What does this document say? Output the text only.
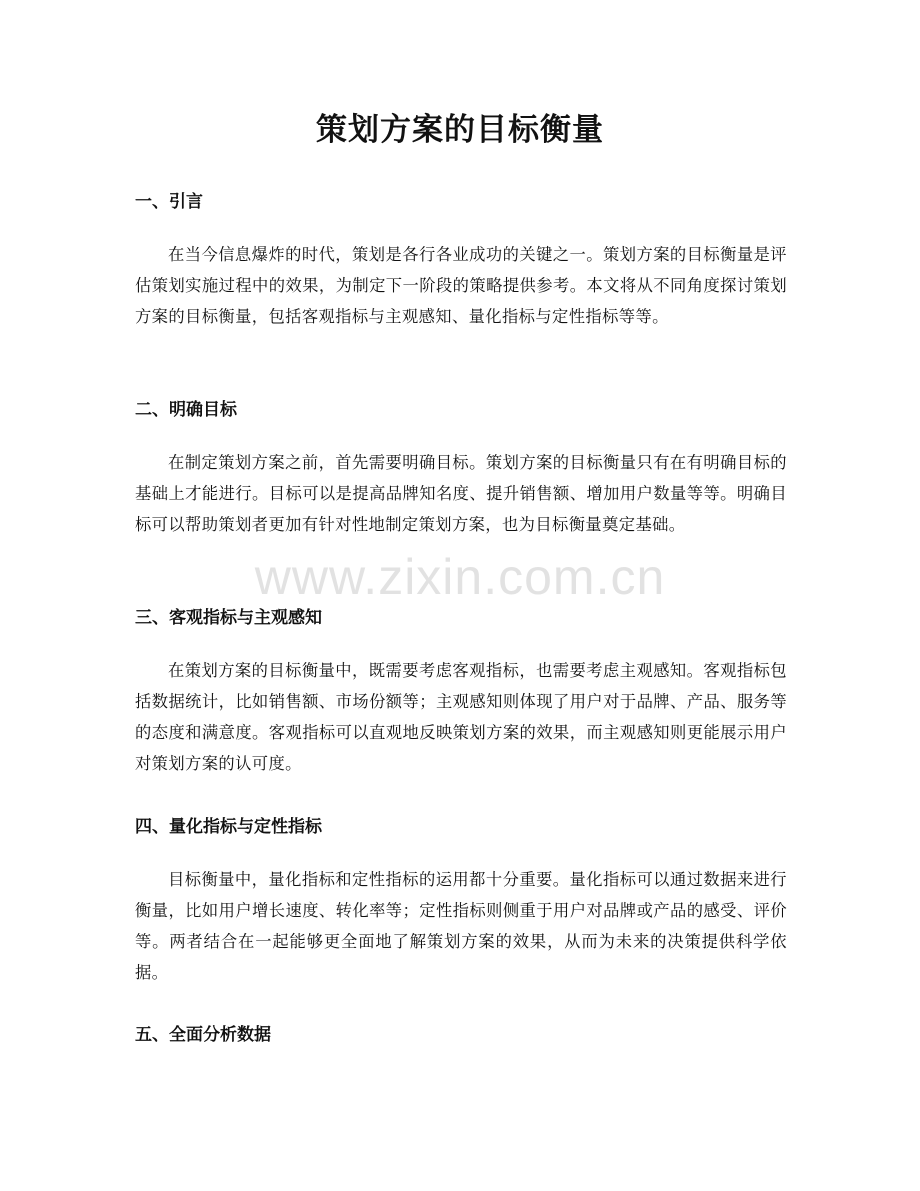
策划方案的目标衡量
一、引言

在当今信息爆炸的时代，策划是各行各业成功的关键之一。策划方案的目标衡量是评估策划实施过程中的效果，为制定下一阶段的策略提供参考。本文将从不同角度探讨策划方案的目标衡量，包括客观指标与主观感知、量化指标与定性指标等等。

二、明确目标

在制定策划方案之前，首先需要明确目标。策划方案的目标衡量只有在有明确目标的基础上才能进行。目标可以是提高品牌知名度、提升销售额、增加用户数量等等。明确目标可以帮助策划者更加有针对性地制定策划方案，也为目标衡量奠定基础。

三、客观指标与主观感知

在策划方案的目标衡量中，既需要考虑客观指标，也需要考虑主观感知。客观指标包括数据统计，比如销售额、市场份额等；主观感知则体现了用户对于品牌、产品、服务等的态度和满意度。客观指标可以直观地反映策划方案的效果，而主观感知则更能展示用户对策划方案的认可度。

四、量化指标与定性指标

目标衡量中，量化指标和定性指标的运用都十分重要。量化指标可以通过数据来进行衡量，比如用户增长速度、转化率等；定性指标则侧重于用户对品牌或产品的感受、评价等。两者结合在一起能够更全面地了解策划方案的效果，从而为未来的决策提供科学依据。

五、全面分析数据
www.zixin.com.cn
